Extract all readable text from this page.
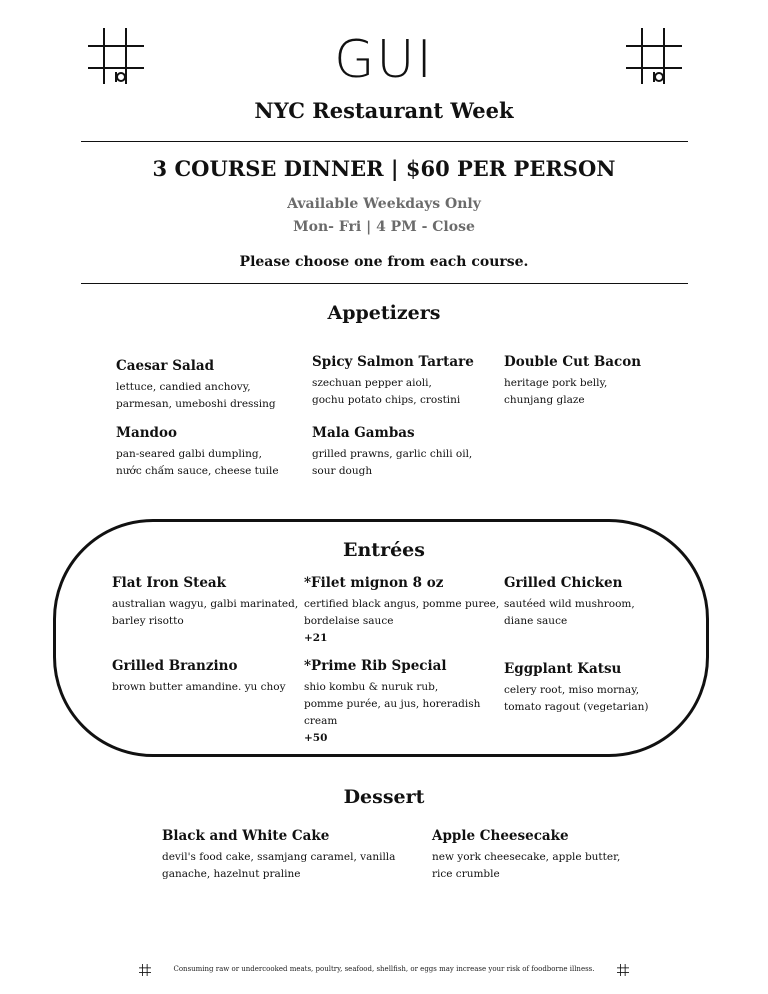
GUI
NYC Restaurant Week
3 COURSE DINNER | $60 PER PERSON
Available Weekdays Only
Mon- Fri | 4 PM - Close
Please choose one from each course.
Appetizers
Caesar Salad
lettuce, candied anchovy,
parmesan, umeboshi dressing
Spicy Salmon Tartare
szechuan pepper aioli,
gochu potato chips, crostini
Double Cut Bacon
heritage pork belly,
chunjang glaze
Mandoo
pan-seared galbi dumpling,
nước chấm sauce, cheese tuile
Mala Gambas
grilled prawns, garlic chili oil,
sour dough
Entrées
Flat Iron Steak
australian wagyu, galbi marinated,
barley risotto
*Filet mignon 8 oz
certified black angus, pomme puree,
bordelaise sauce
+21
Grilled Chicken
sautéed wild mushroom,
diane sauce
Grilled Branzino
brown butter amandine. yu choy
*Prime Rib Special
shio kombu & nuruk rub,
pomme purée, au jus, horeradish cream
+50
Eggplant Katsu
celery root, miso mornay,
tomato ragout (vegetarian)
Dessert
Black and White Cake
devil's food cake, ssamjang caramel, vanilla
ganache, hazelnut praline
Apple Cheesecake
new york cheesecake, apple butter,
rice crumble
Consuming raw or undercooked meats, poultry, seafood, shellfish, or eggs may increase your risk of foodborne illness.
